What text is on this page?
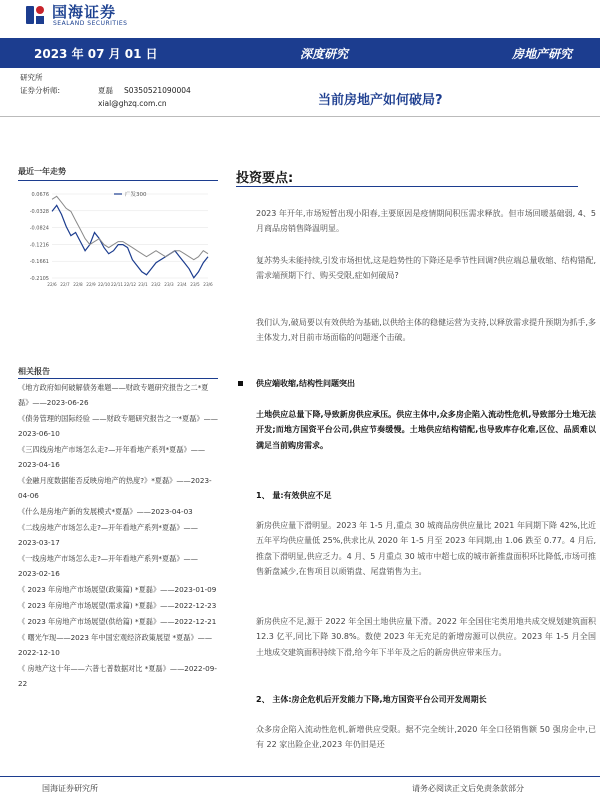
国海证券
SEALAND SECURITIES
2023 年 07 月 01 日	深度研究	房地产研究
研究所
证券分析师:	夏磊 S0350521090004
xial@ghzq.com.cn	当前房地产如何破局?
最近一年走势
0.0676
-0.0328
-0.0824
-0.1216
-0.1661
-0.2105
22/6 22/7 22/8 22/9 22/10 22/11 22/12 23/1 23/2 23/3 23/4 23/5 23/6
广发300
相关报告
《地方政府如何破解债务难题——财政专题研究报告之二*夏磊》——2023-06-26
《债务管理的国际经验 ——财政专题研究报告之一*夏磊》——2023-06-10
《三四线房地产市场怎么走?—开年看地产系列*夏磊》——2023-04-16
《金融月度数据能否反映房地产的热度?》*夏磊》——2023-04-06
《什么是房地产新的发展模式*夏磊》——2023-04-03
《二线房地产市场怎么走?—开年看地产系列*夏磊》——2023-03-17
《一线房地产市场怎么走?—开年看地产系列*夏磊》——2023-02-16
《 2023 年房地产市场展望(政策篇) *夏磊》——2023-01-09
《 2023 年房地产市场展望(需求篇) *夏磊》——2022-12-23
《 2023 年房地产市场展望(供给篇) *夏磊》——2022-12-21
《 曙光乍现——2023 年中国宏观经济政策展望 *夏磊》——2022-12-10
《 房地产这十年——六普七普数据对比 *夏磊》——2022-09-22
投资要点:
2023 年开年,市场短暂出现小阳春,主要原因是疫情期间积压需求释放。但市场回暖基础弱, 4、5 月商品房销售降温明显。
复苏势头未能持续,引发市场担忧,这是趋势性的下降还是季节性回调?供应端总量收缩、结构错配,需求端预期下行、购买受限,症如何破局?
我们认为,破局要以有效供给为基础,以供给主体的稳健运营为支持,以释放需求提升预期为抓手,多主体发力,对目前市场面临的问题逐个击破。
供应端收缩,结构性问题突出
土地供应总量下降,导致新房供应承压。供应主体中,众多房企陷入流动性危机,导致部分土地无法开发;而地方国资平台公司,供应节奏缓慢。土地供应结构错配,也导致库存化难,区位、品质难以满足当前购房需求。
1、 量:有效供应不足
新房供应量下滑明显。2023 年 1-5 月,重点 30 城商品房供应量比 2021 年同期下降 42%,比近五年平均供应量低 25%,供求比从 2020 年 1-5 月至 2023 年同期,由 1.06 跌至 0.77。4 月后,推盘下滑明显,供应乏力。4 月、5 月重点 30 城市中超七成的城市新推盘面积环比降低,市场可推售新盘减少,在售项目以顽销盘、尾盘销售为主。
新房供应不足,源于 2022 年全国土地供应量下滑。2022 年全国住宅类用地共成交规划建筑面积 12.3 亿平,同比下降 30.8%。数使 2023 年无充足的新增房源可以供应。2023 年 1-5 月全国土地成交建筑面积持续下滑,给今年下半年及之后的新房供应带来压力。
2、 主体:房企危机后开发能力下降,地方国资平台公司开发周期长
众多房企陷入流动性危机,新增供应受限。据不完全统计,2020 年全口径销售额 50 强房企中,已有 22 家出险企业,2023 年仍旧是还
国海证券研究所	请务必阅读正文后免责条款部分
